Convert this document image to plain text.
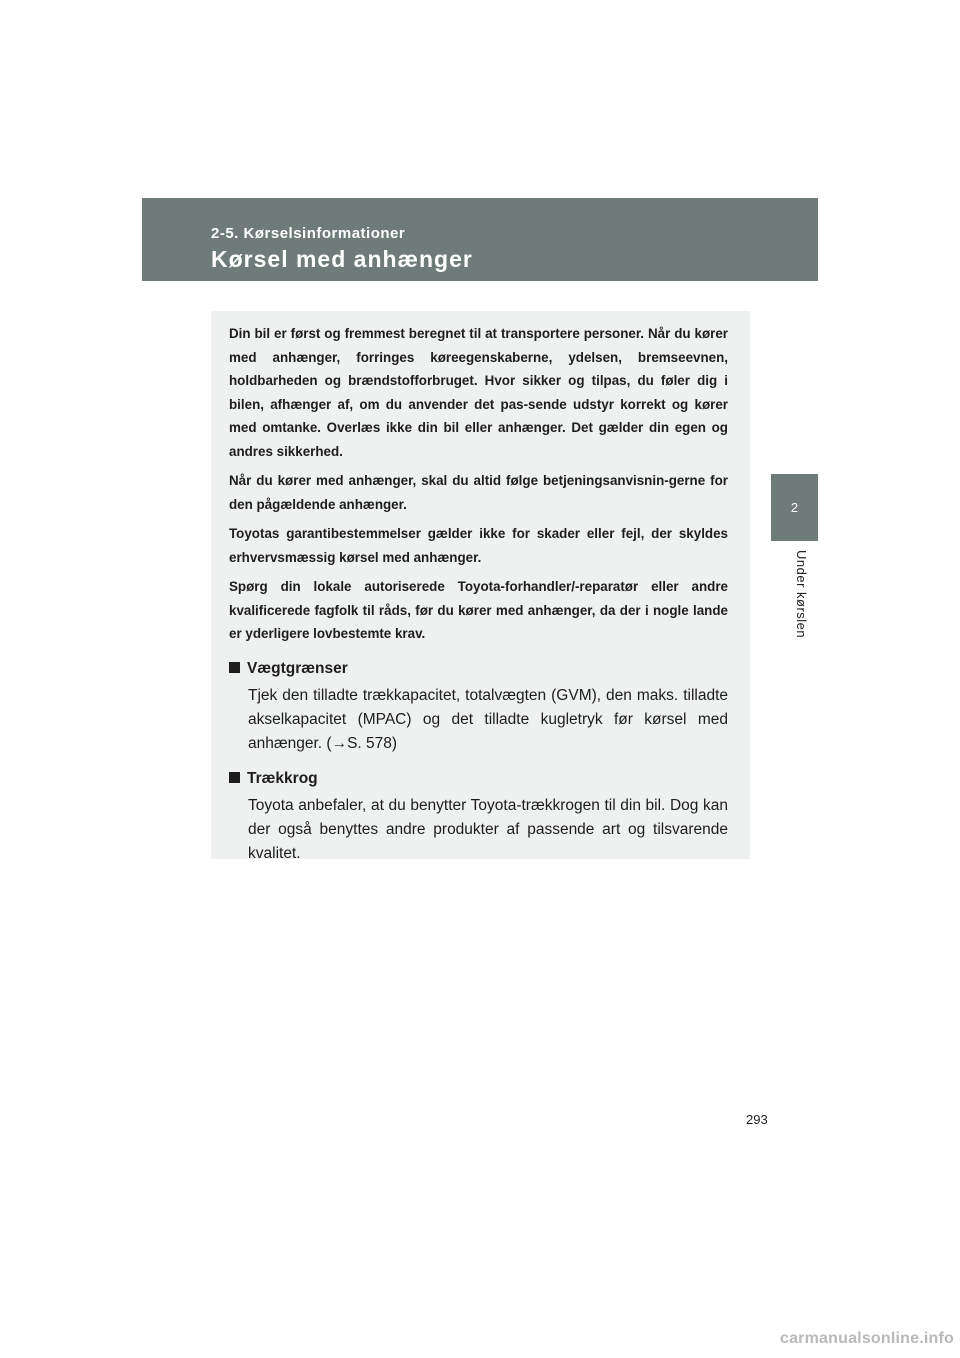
2-5. Kørselsinformationer
Kørsel med anhænger
2
Under kørslen

Din bil er først og fremmest beregnet til at transportere personer. Når du kører med anhænger, forringes køreegenskaberne, ydelsen, bremseevnen, holdbarheden og brændstofforbruget. Hvor sikker og tilpas, du føler dig i bilen, afhænger af, om du anvender det pas-sende udstyr korrekt og kører med omtanke. Overlæs ikke din bil eller anhænger. Det gælder din egen og andres sikkerhed.

Når du kører med anhænger, skal du altid følge betjeningsanvisnin-gerne for den pågældende anhænger.

Toyotas garantibestemmelser gælder ikke for skader eller fejl, der skyldes erhvervsmæssig kørsel med anhænger.

Spørg din lokale autoriserede Toyota-forhandler/-reparatør eller andre kvalificerede fagfolk til råds, før du kører med anhænger, da der i nogle lande er yderligere lovbestemte krav.

Vægtgrænser
Tjek den tilladte trækkapacitet, totalvægten (GVM), den maks. tilladte akselkapacitet (MPAC) og det tilladte kugletryk før kørsel med anhænger. (→S. 578)
Trækkrog
Toyota anbefaler, at du benytter Toyota-trækkrogen til din bil. Dog kan der også benyttes andre produkter af passende art og tilsvarende kvalitet.
293
carmanualsonline.info
